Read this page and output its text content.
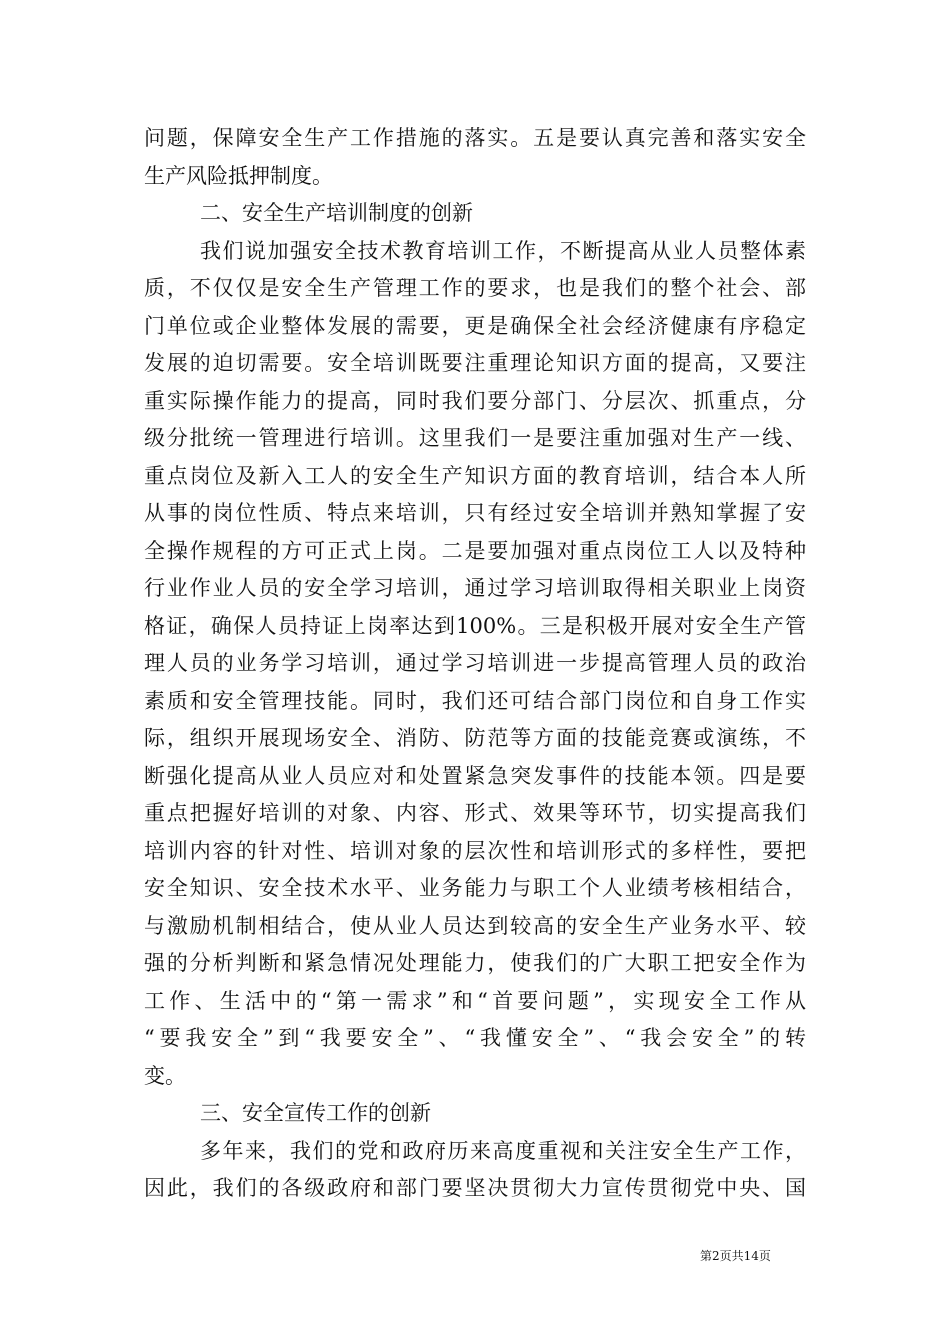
问题，保障安全生产工作措施的落实。五是要认真完善和落实安全
生产风险抵押制度。
二、安全生产培训制度的创新
我们说加强安全技术教育培训工作，不断提高从业人员整体素
质，不仅仅是安全生产管理工作的要求，也是我们的整个社会、部
门单位或企业整体发展的需要，更是确保全社会经济健康有序稳定
发展的迫切需要。安全培训既要注重理论知识方面的提高，又要注
重实际操作能力的提高，同时我们要分部门、分层次、抓重点，分
级分批统一管理进行培训。这里我们一是要注重加强对生产一线、
重点岗位及新入工人的安全生产知识方面的教育培训，结合本人所
从事的岗位性质、特点来培训，只有经过安全培训并熟知掌握了安
全操作规程的方可正式上岗。二是要加强对重点岗位工人以及特种
行业作业人员的安全学习培训，通过学习培训取得相关职业上岗资
格证，确保人员持证上岗率达到100%。三是积极开展对安全生产管
理人员的业务学习培训，通过学习培训进一步提高管理人员的政治
素质和安全管理技能。同时，我们还可结合部门岗位和自身工作实
际，组织开展现场安全、消防、防范等方面的技能竞赛或演练，不
断强化提高从业人员应对和处置紧急突发事件的技能本领。四是要
重点把握好培训的对象、内容、形式、效果等环节，切实提高我们
培训内容的针对性、培训对象的层次性和培训形式的多样性，要把
安全知识、安全技术水平、业务能力与职工个人业绩考核相结合，
与激励机制相结合，使从业人员达到较高的安全生产业务水平、较
强的分析判断和紧急情况处理能力，使我们的广大职工把安全作为
工作、生活中的“第一需求”和“首要问题”，实现安全工作从
“要我安全”到“我要安全”、“我懂安全”、“我会安全”的转
变。
三、安全宣传工作的创新
多年来，我们的党和政府历来高度重视和关注安全生产工作，
因此，我们的各级政府和部门要坚决贯彻大力宣传贯彻党中央、国
第2页共14页
